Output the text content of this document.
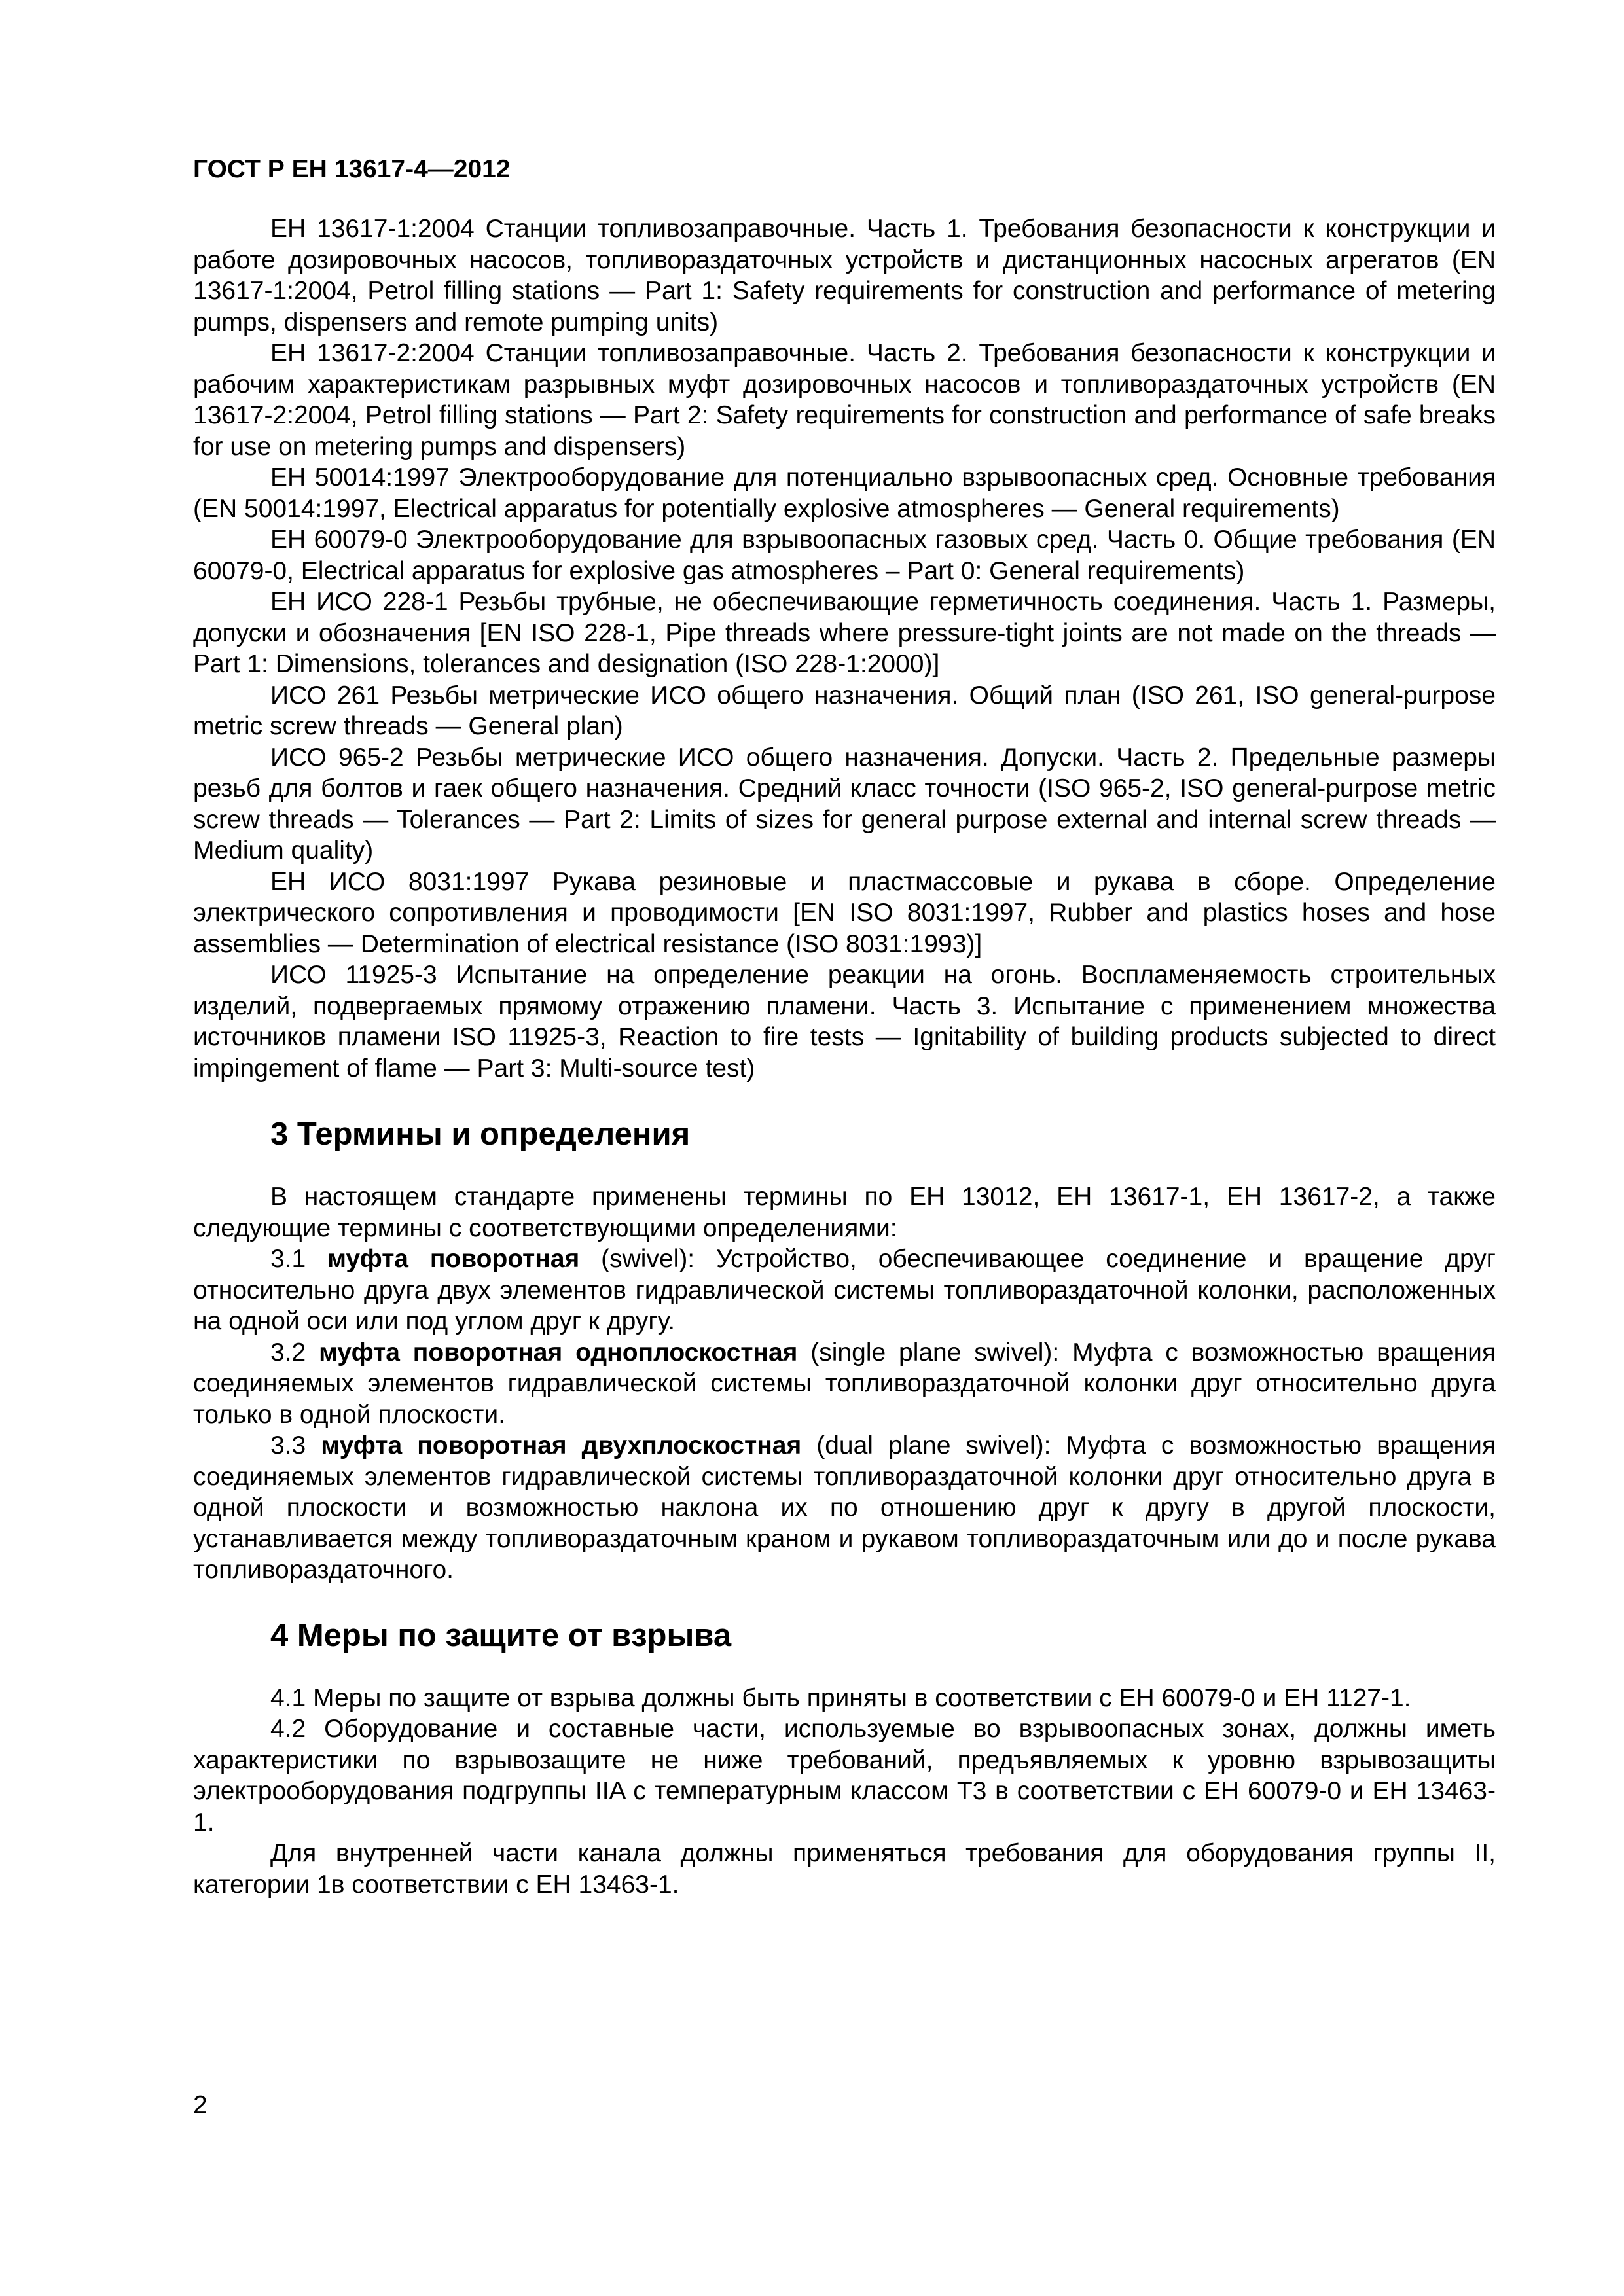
ГОСТ Р ЕН 13617-4—2012

ЕН 13617-1:2004 Станции топливозаправочные. Часть 1. Требования безопасности к конструкции и работе дозировочных насосов, топливораздаточных устройств и дистанционных насосных агрегатов (EN 13617-1:2004, Petrol filling stations — Part 1: Safety requirements for construction and performance of metering pumps, dispensers and remote pumping units)

ЕН 13617-2:2004 Станции топливозаправочные. Часть 2. Требования безопасности к конструкции и рабочим характеристикам разрывных муфт дозировочных насосов и топливораздаточных устройств (EN 13617-2:2004, Petrol filling stations — Part 2: Safety requirements for construction and performance of safe breaks for use on metering pumps and dispensers)

ЕН 50014:1997 Электрооборудование для потенциально взрывоопасных сред. Основные требования (EN 50014:1997, Electrical apparatus for potentially explosive atmospheres — General requirements)

ЕН 60079-0 Электрооборудование для взрывоопасных газовых сред. Часть 0. Общие требования (EN 60079-0, Electrical apparatus for explosive gas atmospheres – Part 0: General requirements)

ЕН ИСО 228-1 Резьбы трубные, не обеспечивающие герметичность соединения. Часть 1. Размеры, допуски и обозначения [EN ISO 228-1, Pipe threads where pressure-tight joints are not made on the threads — Part 1: Dimensions, tolerances and designation (ISO 228-1:2000)]

ИСО 261 Резьбы метрические ИСО общего назначения. Общий план (ISO 261, ISO general-purpose metric screw threads — General plan)

ИСО 965-2 Резьбы метрические ИСО общего назначения. Допуски. Часть 2. Предельные размеры резьб для болтов и гаек общего назначения. Средний класс точности (ISO 965-2, ISO general-purpose metric screw threads — Tolerances — Part 2: Limits of sizes for general purpose external and internal screw threads — Medium quality)

ЕН ИСО 8031:1997 Рукава резиновые и пластмассовые и рукава в сборе. Определение электрического сопротивления и проводимости [EN ISO 8031:1997, Rubber and plastics hoses and hose assemblies — Determination of electrical resistance (ISO 8031:1993)]

ИСО 11925-3 Испытание на определение реакции на огонь. Воспламеняемость строительных изделий, подвергаемых прямому отражению пламени. Часть 3. Испытание с применением множества источников пламени ISO 11925-3, Reaction to fire tests — Ignitability of building products subjected to direct impingement of flame — Part 3: Multi-source test)

3 Термины и определения

В настоящем стандарте применены термины по ЕН 13012, ЕН 13617-1, ЕН 13617-2, а также следующие термины с соответствующими определениями:

3.1 муфта поворотная (swivel): Устройство, обеспечивающее соединение и вращение друг относительно друга двух элементов гидравлической системы топливораздаточной колонки, расположенных на одной оси или под углом друг к другу.

3.2 муфта поворотная одноплоскостная (single plane swivel): Муфта с возможностью вращения соединяемых элементов гидравлической системы топливораздаточной колонки друг относительно друга только в одной плоскости.

3.3 муфта поворотная двухплоскостная (dual plane swivel): Муфта с возможностью вращения соединяемых элементов гидравлической системы топливораздаточной колонки друг относительно друга в одной плоскости и возможностью наклона их по отношению друг к другу в другой плоскости, устанавливается между топливораздаточным краном и рукавом топливораздаточным или до и после рукава топливораздаточного.

4 Меры по защите от взрыва

4.1 Меры по защите от взрыва должны быть приняты в соответствии с ЕН 60079-0 и ЕН 1127-1.

4.2 Оборудование и составные части, используемые во взрывоопасных зонах, должны иметь характеристики по взрывозащите не ниже требований, предъявляемых к уровню взрывозащиты электрооборудования подгруппы IIA с температурным классом Т3 в соответствии с ЕН 60079-0 и ЕН 13463-1.

Для внутренней части канала должны применяться требования для оборудования группы II, категории 1в соответствии с ЕН 13463-1.

2
